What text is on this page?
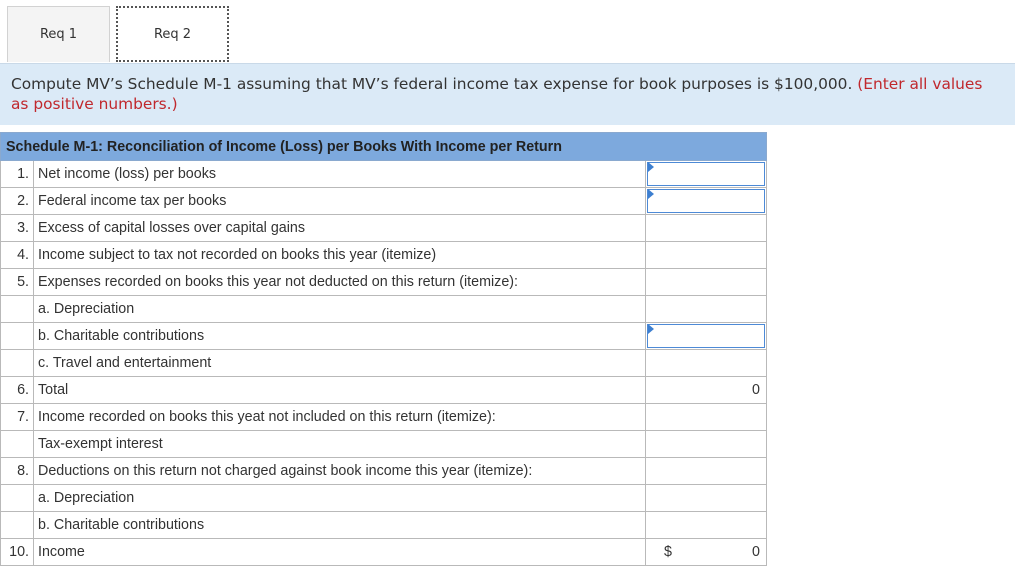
Req 1	Req 2
Compute MV’s Schedule M-1 assuming that MV’s federal income tax expense for book purposes is $100,000. (Enter all values as positive numbers.)
Schedule M-1: Reconciliation of Income (Loss) per Books With Income per Return		
1.	Net income (loss) per books	

2.	Federal income tax per books	

3.	Excess of capital losses over capital gains	
4.	Income subject to tax not recorded on books this year (itemize)	
5.	Expenses recorded on books this year not deducted on this return (itemize):	
	a. Depreciation	
	b. Charitable contributions	

	c. Travel and entertainment	
6.	Total	0

7.	Income recorded on books this yeat not included on this return (itemize):	
	Tax-exempt interest	
8.	Deductions on this return not charged against book income this year (itemize):	
	a. Depreciation	
	b. Charitable contributions	
10.	Income	$ 0
